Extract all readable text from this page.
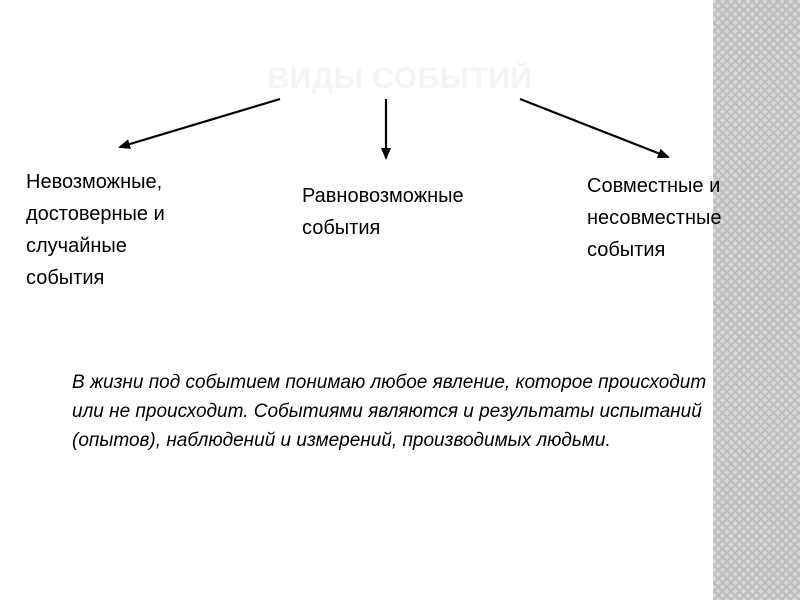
ВИДЫ СОБЫТИЙ
Невозможные,
достоверные и
случайные
события
Равновозможные
события
Совместные и
несовместные
события
В жизни под событием понимаю любое явление, которое происходит или не происходит. Событиями являются и результаты испытаний (опытов), наблюдений и измерений, производимых людьми.
